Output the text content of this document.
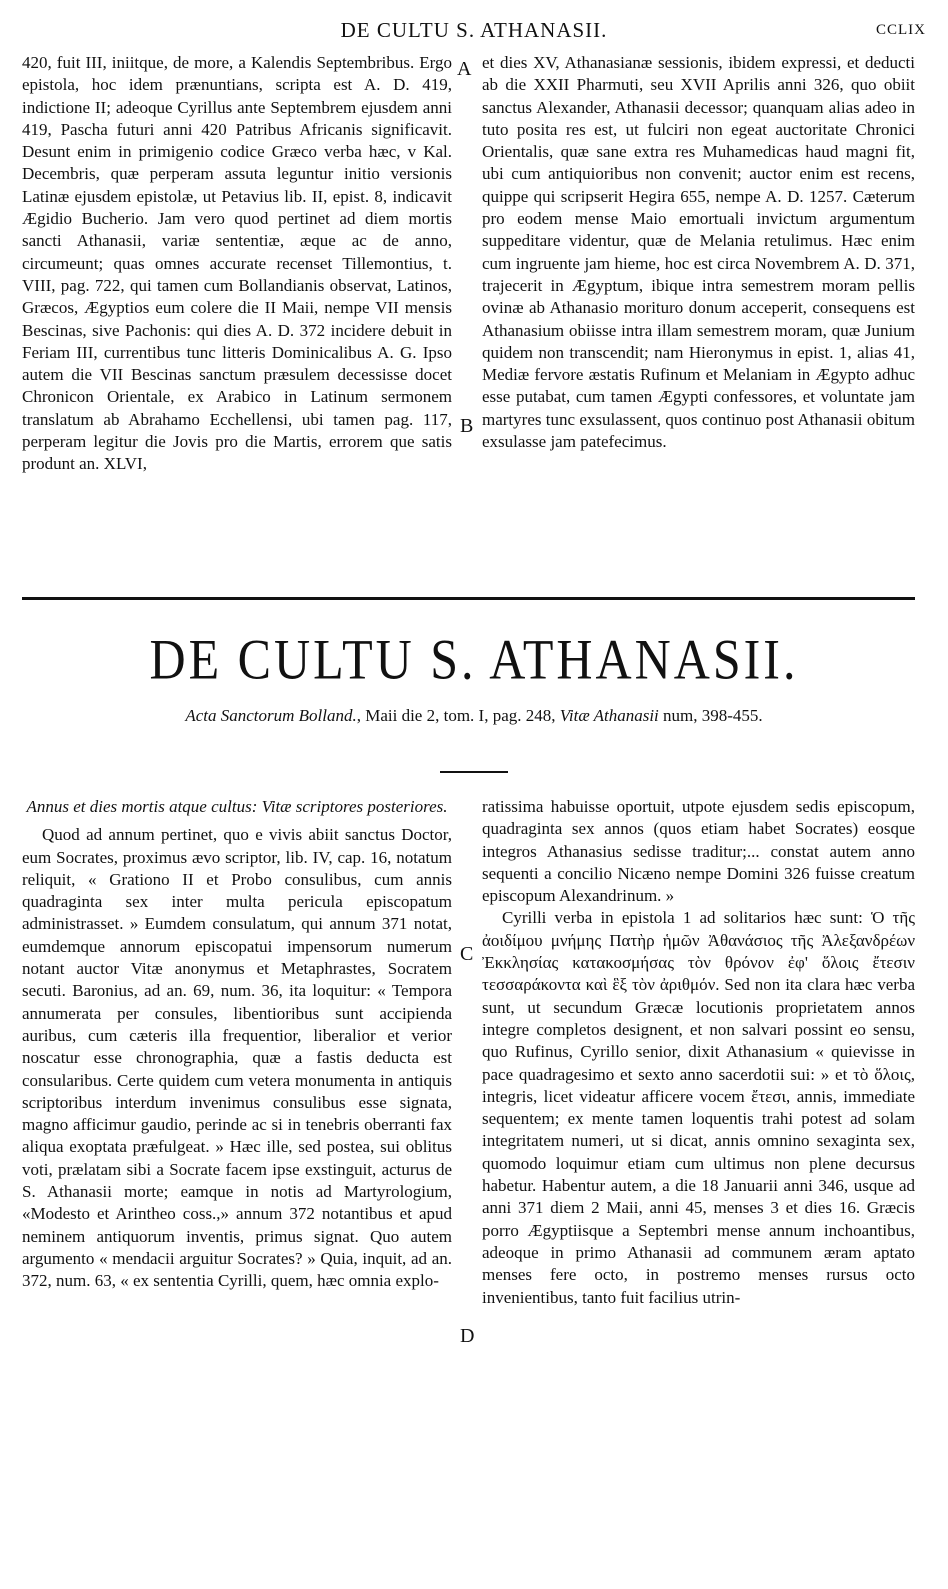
DE CULTU S. ATHANASII.	CCLIX

420, fuit III, iniitque, de more, a Kalendis Septembribus. Ergo epistola, hoc idem prænuntians, scripta est A. D. 419, indictione II; adeoque Cyrillus ante Septembrem ejusdem anni 419, Pascha futuri anni 420 Patribus Africanis significavit. Desunt enim in primigenio codice Græco verba hæc, v Kal. Decembris, quæ perperam assuta leguntur initio versionis Latinæ ejusdem epistolæ, ut Petavius lib. II, epist. 8, indicavit Ægidio Bucherio. Jam vero quod pertinet ad diem mortis sancti Athanasii, variæ sententiæ, æque ac de anno, circumeunt; quas omnes accurate recenset Tillemontius, t. VIII, pag. 722, qui tamen cum Bollandianis observat, Latinos, Græcos, Ægyptios eum colere die II Maii, nempe VII mensis Bescinas, sive Pachonis: qui dies A. D. 372 incidere debuit in Feriam III, currentibus tunc litteris Dominicalibus A. G. Ipso autem die VII Bescinas sanctum præsulem decessisse docet Chronicon Orientale, ex Arabico in Latinum sermonem translatum ab Abrahamo Ecchellensi, ubi tamen pag. 117, perperam legitur die Jovis pro die Martis, errorem que satis produnt an. XLVI,

et dies XV, Athanasianæ sessionis, ibidem expressi, et deducti ab die XXII Pharmuti, seu XVII Aprilis anni 326, quo obiit sanctus Alexander, Athanasii decessor; quanquam alias adeo in tuto posita res est, ut fulciri non egeat auctoritate Chronici Orientalis, quæ sane extra res Muhamedicas haud magni fit, ubi cum antiquioribus non convenit; auctor enim est recens, quippe qui scripserit Hegira 655, nempe A. D. 1257. Cæterum pro eodem mense Maio emortuali invictum argumentum suppeditare videntur, quæ de Melania retulimus. Hæc enim cum ingruente jam hieme, hoc est circa Novembrem A. D. 371, trajecerit in Ægyptum, ibique intra semestrem moram pellis ovinæ ab Athanasio morituro donum acceperit, consequens est Athanasium obiisse intra illam semestrem moram, quæ Junium quidem non transcendit; nam Hieronymus in epist. 1, alias 41, Mediæ fervore æstatis Rufinum et Melaniam in Ægypto adhuc esse putabat, cum tamen Ægypti confessores, et voluntate jam martyres tunc exsulassent, quos continuo post Athanasii obitum exsulasse jam patefecimus.

A
B
DE CULTU S. ATHANASII.
Acta Sanctorum Bolland., Maii die 2, tom. I, pag. 248, Vitæ Athanasii num, 398-455.

Annus et dies mortis atque cultus: Vitæ scriptores posteriores.

Quod ad annum pertinet, quo e vivis abiit sanctus Doctor, eum Socrates, proximus ævo scriptor, lib. IV, cap. 16, notatum reliquit, « Grationo II et Probo consulibus, cum annis quadraginta sex inter multa pericula episcopatum administrasset. » Eumdem consulatum, qui annum 371 notat, eumdemque annorum episcopatui impensorum numerum notant auctor Vitæ anonymus et Metaphrastes, Socratem secuti. Baronius, ad an. 69, num. 36, ita loquitur: « Tempora annumerata per consules, libentioribus sunt accipienda auribus, cum cæteris illa frequentior, liberalior et verior noscatur esse chronographia, quæ a fastis deducta est consularibus. Certe quidem cum vetera monumenta in antiquis scriptoribus interdum invenimus consulibus esse signata, magno afficimur gaudio, perinde ac si in tenebris oberranti fax aliqua exoptata præfulgeat. » Hæc ille, sed postea, sui oblitus voti, prælatam sibi a Socrate facem ipse exstinguit, acturus de S. Athanasii morte; eamque in notis ad Martyrologium, «Modesto et Arintheo coss.,» annum 372 notantibus et apud neminem antiquorum inventis, primus signat. Quo autem argumento « mendacii arguitur Socrates? » Quia, inquit, ad an. 372, num. 63, « ex sententia Cyrilli, quem, hæc omnia explo-

ratissima habuisse oportuit, utpote ejusdem sedis episcopum, quadraginta sex annos (quos etiam habet Socrates) eosque integros Athanasius sedisse traditur;... constat autem anno sequenti a concilio Nicæno nempe Domini 326 fuisse creatum episcopum Alexandrinum. »

Cyrilli verba in epistola 1 ad solitarios hæc sunt: Ὁ τῆς ἀοιδίμου μνήμης Πατὴρ ἡμῶν Ἀθανάσιος τῆς Ἀλεξανδρέων Ἐκκλησίας κατακοσμήσας τὸν θρόνον ἐφ' ὅλοις ἔτεσιν τεσσαράκοντα καὶ ἓξ τὸν ἀριθμόν. Sed non ita clara hæc verba sunt, ut secundum Græcæ locutionis proprietatem annos integre completos designent, et non salvari possint eo sensu, quo Rufinus, Cyrillo senior, dixit Athanasium « quievisse in pace quadragesimo et sexto anno sacerdotii sui: » et τὸ ὅλοις, integris, licet videatur afficere vocem ἔτεσι, annis, immediate sequentem; ex mente tamen loquentis trahi potest ad solam integritatem numeri, ut si dicat, annis omnino sexaginta sex, quomodo loquimur etiam cum ultimus non plene decursus habetur. Habentur autem, a die 18 Januarii anni 346, usque ad anni 371 diem 2 Maii, anni 45, menses 3 et dies 16. Græcis porro Ægyptiisque a Septembri mense annum inchoantibus, adeoque in primo Athanasii ad communem æram aptato menses fere octo, in postremo menses rursus octo invenientibus, tanto fuit facilius utrin-

C
D
